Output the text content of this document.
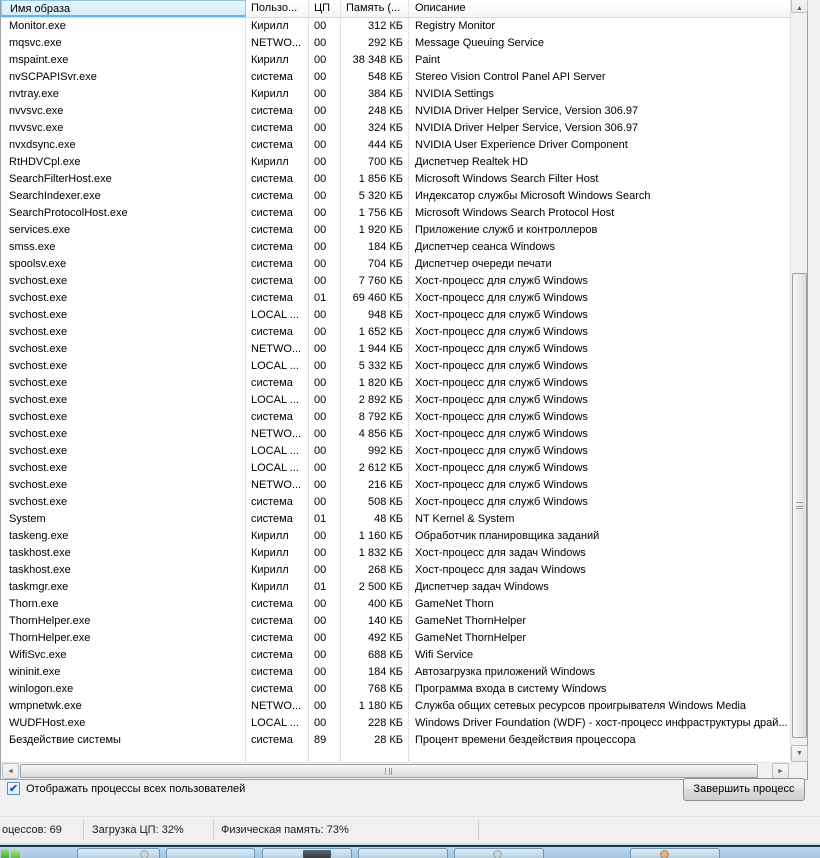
Имя образа	Пользо...	ЦП	Память (...	Описание
Monitor.exe	Кирилл	00	312 КБ	Registry Monitor
mqsvc.exe	NETWO...	00	292 КБ	Message Queuing Service
mspaint.exe	Кирилл	00	38 348 КБ	Paint
nvSCPAPISvr.exe	система	00	548 КБ	Stereo Vision Control Panel API Server
nvtray.exe	Кирилл	00	384 КБ	NVIDIA Settings
nvvsvc.exe	система	00	248 КБ	NVIDIA Driver Helper Service, Version 306.97
nvvsvc.exe	система	00	324 КБ	NVIDIA Driver Helper Service, Version 306.97
nvxdsync.exe	система	00	444 КБ	NVIDIA User Experience Driver Component
RtHDVCpl.exe	Кирилл	00	700 КБ	Диспетчер Realtek HD
SearchFilterHost.exe	система	00	1 856 КБ	Microsoft Windows Search Filter Host
SearchIndexer.exe	система	00	5 320 КБ	Индексатор службы Microsoft Windows Search
SearchProtocolHost.exe	система	00	1 756 КБ	Microsoft Windows Search Protocol Host
services.exe	система	00	1 920 КБ	Приложение служб и контроллеров
smss.exe	система	00	184 КБ	Диспетчер сеанса Windows
spoolsv.exe	система	00	704 КБ	Диспетчер очереди печати
svchost.exe	система	00	7 760 КБ	Хост-процесс для служб Windows
svchost.exe	система	01	69 460 КБ	Хост-процесс для служб Windows
svchost.exe	LOCAL ...	00	948 КБ	Хост-процесс для служб Windows
svchost.exe	система	00	1 652 КБ	Хост-процесс для служб Windows
svchost.exe	NETWO...	00	1 944 КБ	Хост-процесс для служб Windows
svchost.exe	LOCAL ...	00	5 332 КБ	Хост-процесс для служб Windows
svchost.exe	система	00	1 820 КБ	Хост-процесс для служб Windows
svchost.exe	LOCAL ...	00	2 892 КБ	Хост-процесс для служб Windows
svchost.exe	система	00	8 792 КБ	Хост-процесс для служб Windows
svchost.exe	NETWO...	00	4 856 КБ	Хост-процесс для служб Windows
svchost.exe	LOCAL ...	00	992 КБ	Хост-процесс для служб Windows
svchost.exe	LOCAL ...	00	2 612 КБ	Хост-процесс для служб Windows
svchost.exe	NETWO...	00	216 КБ	Хост-процесс для служб Windows
svchost.exe	система	00	508 КБ	Хост-процесс для служб Windows
System	система	01	48 КБ	NT Kernel & System
taskeng.exe	Кирилл	00	1 160 КБ	Обработчик планировщика заданий
taskhost.exe	Кирилл	00	1 832 КБ	Хост-процесс для задач Windows
taskhost.exe	Кирилл	00	268 КБ	Хост-процесс для задач Windows
taskmgr.exe	Кирилл	01	2 500 КБ	Диспетчер задач Windows
Thorn.exe	система	00	400 КБ	GameNet Thorn
ThornHelper.exe	система	00	140 КБ	GameNet ThornHelper
ThornHelper.exe	система	00	492 КБ	GameNet ThornHelper
WifiSvc.exe	система	00	688 КБ	Wifi Service
wininit.exe	система	00	184 КБ	Автозагрузка приложений Windows
winlogon.exe	система	00	768 КБ	Программа входа в систему Windows
wmpnetwk.exe	NETWO...	00	1 180 КБ	Служба общих сетевых ресурсов проигрывателя Windows Media
WUDFHost.exe	LOCAL ...	00	228 КБ	Windows Driver Foundation (WDF) - хост-процесс инфраструктуры драй...
Бездействие системы	система	89	28 КБ	Процент времени бездействия процессора
▲
▼
◄	►
✔ Отображать процессы всех пользователей	Завершить процесс
оцессов: 69	Загрузка ЦП: 32%	Физическая память: 73%
